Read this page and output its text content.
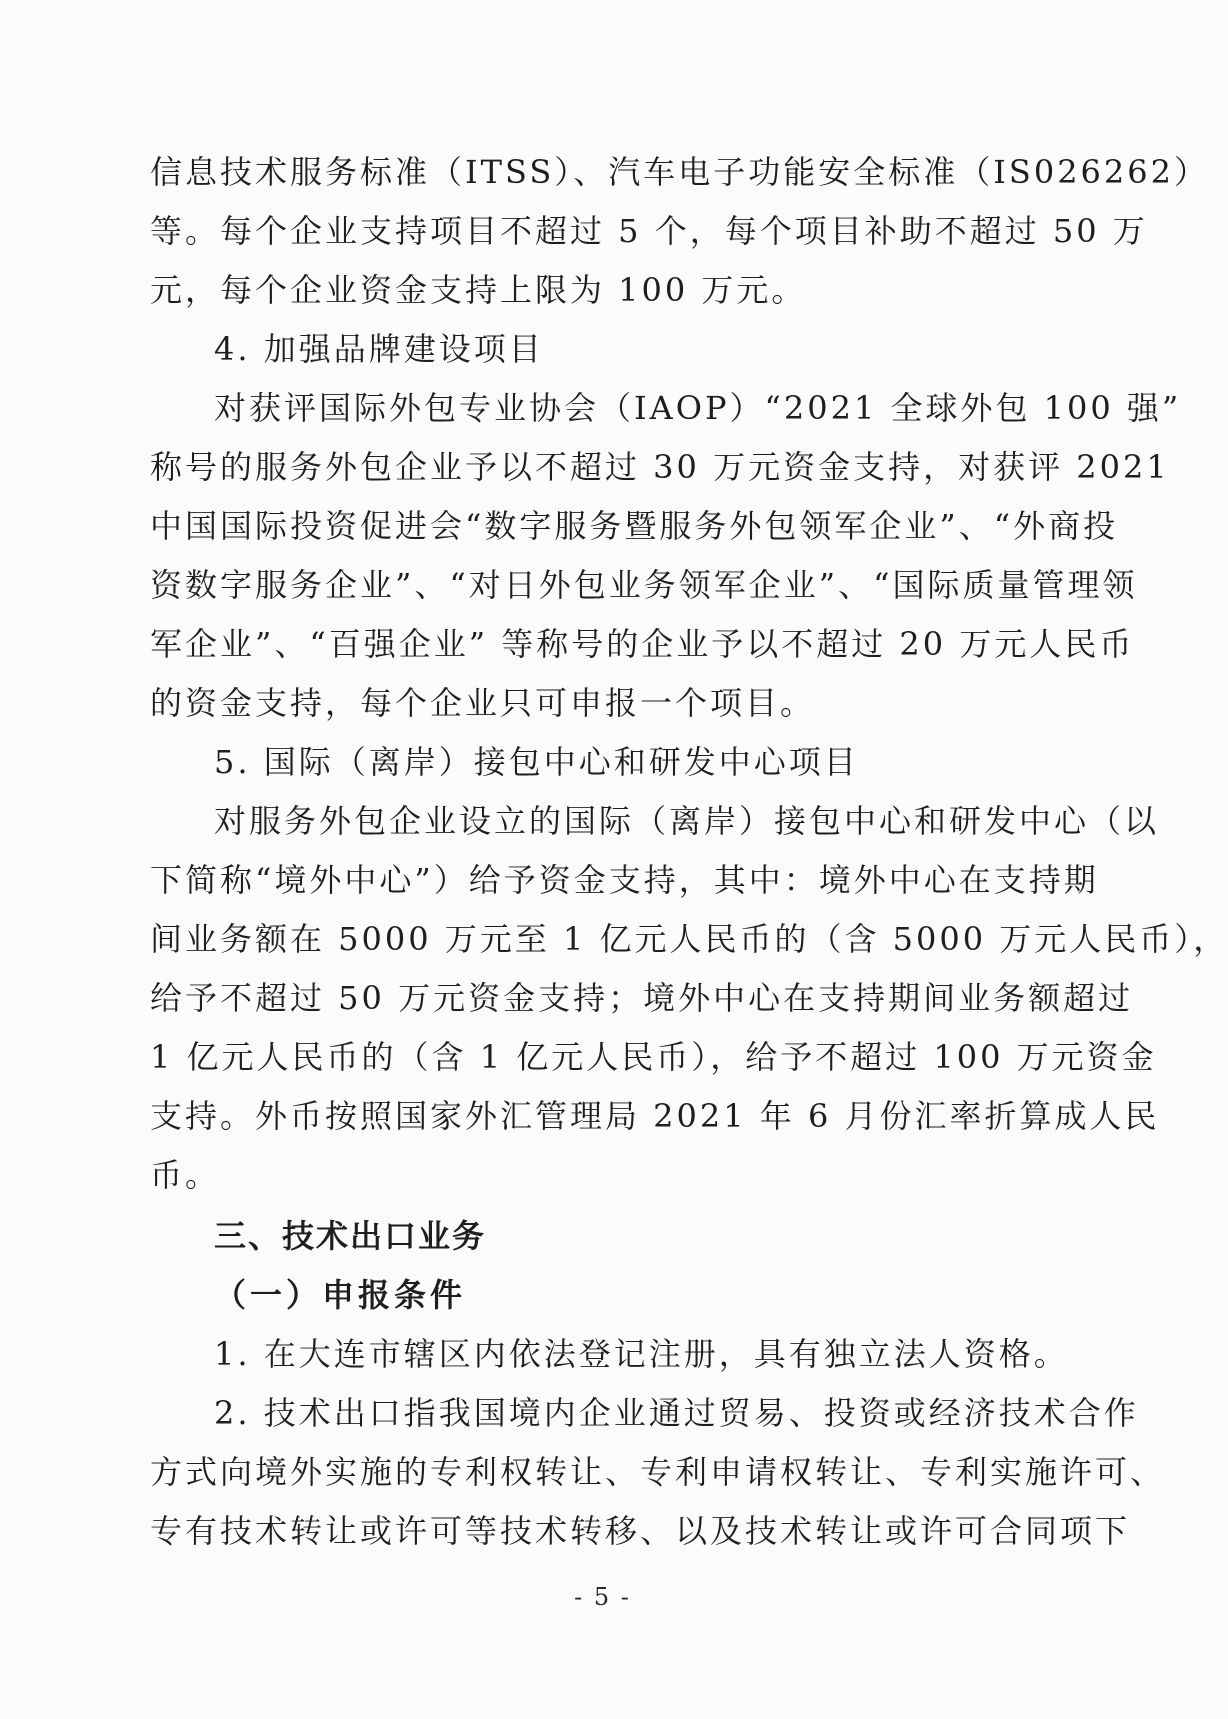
信息技术服务标准（ITSS）、汽车电子功能安全标准（IS026262）
等。每个企业支持项目不超过 5 个，每个项目补助不超过 50 万
元，每个企业资金支持上限为 100 万元。
4. 加强品牌建设项目
对获评国际外包专业协会（IAOP）“2021 全球外包 100 强”
称号的服务外包企业予以不超过 30 万元资金支持，对获评 2021
中国国际投资促进会“数字服务暨服务外包领军企业”、“外商投
资数字服务企业”、“对日外包业务领军企业”、“国际质量管理领
军企业”、“百强企业” 等称号的企业予以不超过 20 万元人民币
的资金支持，每个企业只可申报一个项目。
5. 国际（离岸）接包中心和研发中心项目
对服务外包企业设立的国际（离岸）接包中心和研发中心（以
下简称“境外中心”）给予资金支持，其中：境外中心在支持期
间业务额在 5000 万元至 1 亿元人民币的（含 5000 万元人民币），
给予不超过 50 万元资金支持；境外中心在支持期间业务额超过
1 亿元人民币的（含 1 亿元人民币），给予不超过 100 万元资金
支持。外币按照国家外汇管理局 2021 年 6 月份汇率折算成人民
币。
三、技术出口业务
（一）申报条件
1. 在大连市辖区内依法登记注册，具有独立法人资格。
2. 技术出口指我国境内企业通过贸易、投资或经济技术合作
方式向境外实施的专利权转让、专利申请权转让、专利实施许可、
专有技术转让或许可等技术转移、以及技术转让或许可合同项下
- 5 -
